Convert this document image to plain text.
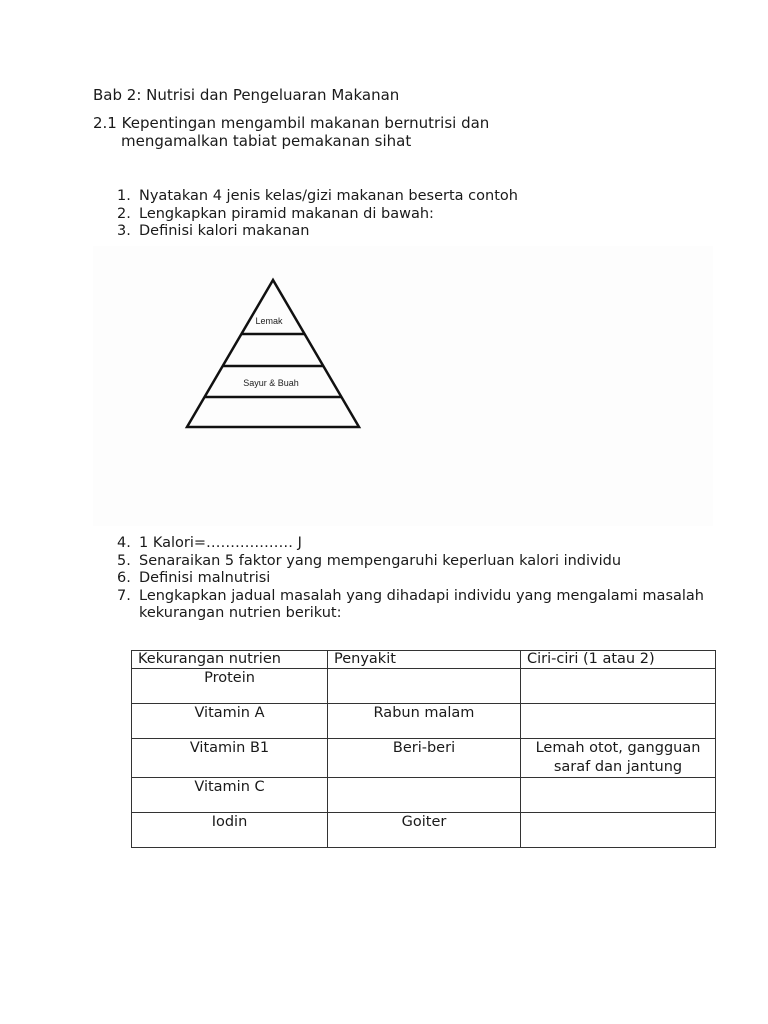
Bab 2: Nutrisi dan Pengeluaran Makanan
2.1 Kepentingan mengambil makanan bernutrisi dan
mengamalkan tabiat pemakanan sihat
1. Nyatakan 4 jenis kelas/gizi makanan beserta contoh
2. Lengkapkan piramid makanan di bawah:
3. Definisi kalori makanan
Lemak
Sayur & Buah
4. 1 Kalori=……………… J
5. Senaraikan 5 faktor yang mempengaruhi keperluan kalori individu
6. Definisi malnutrisi
7. Lengkapkan jadual masalah yang dihadapi individu yang mengalami masalah kekurangan nutrien berikut:
Kekurangan nutrien	Penyakit	Ciri-ciri (1 atau 2)
Protein		
Vitamin A	Rabun malam	
Vitamin B1	Beri-beri	Lemah otot, gangguan saraf dan jantung
Vitamin C		
Iodin	Goiter	
